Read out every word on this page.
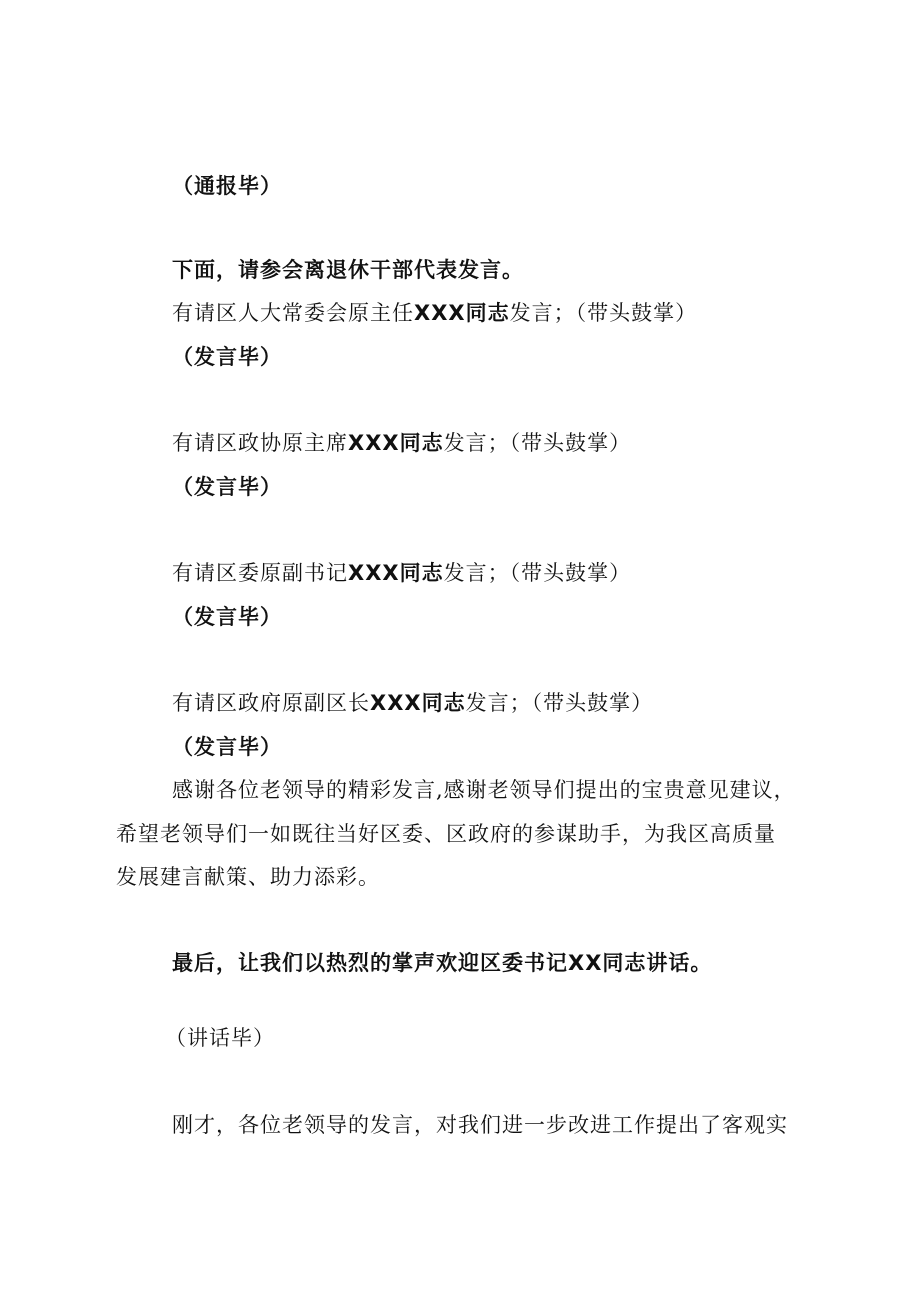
（通报毕）
下面，请参会离退休干部代表发言。
有请区人大常委会原主任XXX同志发言；（带头鼓掌）
（发言毕）
有请区政协原主席XXX同志发言；（带头鼓掌）
（发言毕）
有请区委原副书记XXX同志发言；（带头鼓掌）
（发言毕）
有请区政府原副区长XXX同志发言；（带头鼓掌）
（发言毕）
感谢各位老领导的精彩发言,感谢老领导们提出的宝贵意见建议，
希望老领导们一如既往当好区委、区政府的参谋助手，为我区高质量
发展建言献策、助力添彩。
最后，让我们以热烈的掌声欢迎区委书记XX同志讲话。
（讲话毕）
刚才，各位老领导的发言，对我们进一步改进工作提出了客观实
